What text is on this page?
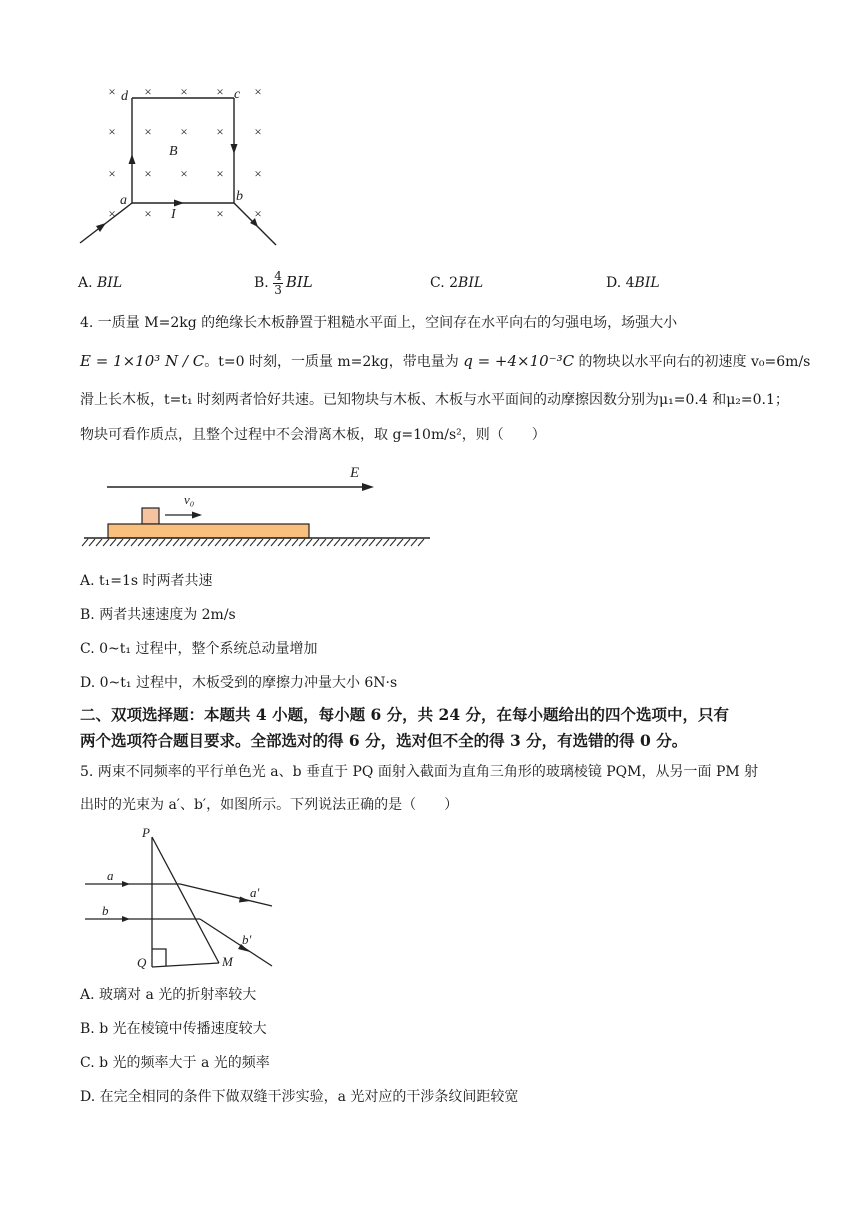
× × × × ×
× × × × ×
× × × × ×
× ×	× ×
d	c
a	b
B
I
A. BIL	B. $\frac{4}{3}$ BIL	C. 2BIL	D. 4BIL
4. 一质量 M=2kg 的绝缘长木板静置于粗糙水平面上，空间存在水平向右的匀强电场，场强大小
E = 1×10³ N / C。t=0 时刻，一质量 m=2kg，带电量为 q = +4×10⁻³C 的物块以水平向右的初速度 v₀=6m/s
滑上长木板，t=t₁ 时刻两者恰好共速。已知物块与木板、木板与水平面间的动摩擦因数分别为μ₁=0.4 和μ₂=0.1；
物块可看作质点，且整个过程中不会滑离木板，取 g=10m/s²，则（　　）
E
v₀
A. t₁=1s 时两者共速
B. 两者共速速度为 2m/s
C. 0~t₁ 过程中，整个系统总动量增加
D. 0~t₁ 过程中，木板受到的摩擦力冲量大小 6N·s
二、双项选择题：本题共 4 小题，每小题 6 分，共 24 分，在每小题给出的四个选项中，只有
两个选项符合题目要求。全部选对的得 6 分，选对但不全的得 3 分，有选错的得 0 分。
5. 两束不同频率的平行单色光 a、b 垂直于 PQ 面射入截面为直角三角形的玻璃棱镜 PQM，从另一面 PM 射
出时的光束为 a′、b′，如图所示。下列说法正确的是（　　）
P
Q	M
a
b
a′
b′
A. 玻璃对 a 光的折射率较大
B. b 光在棱镜中传播速度较大
C. b 光的频率大于 a 光的频率
D. 在完全相同的条件下做双缝干涉实验，a 光对应的干涉条纹间距较宽
